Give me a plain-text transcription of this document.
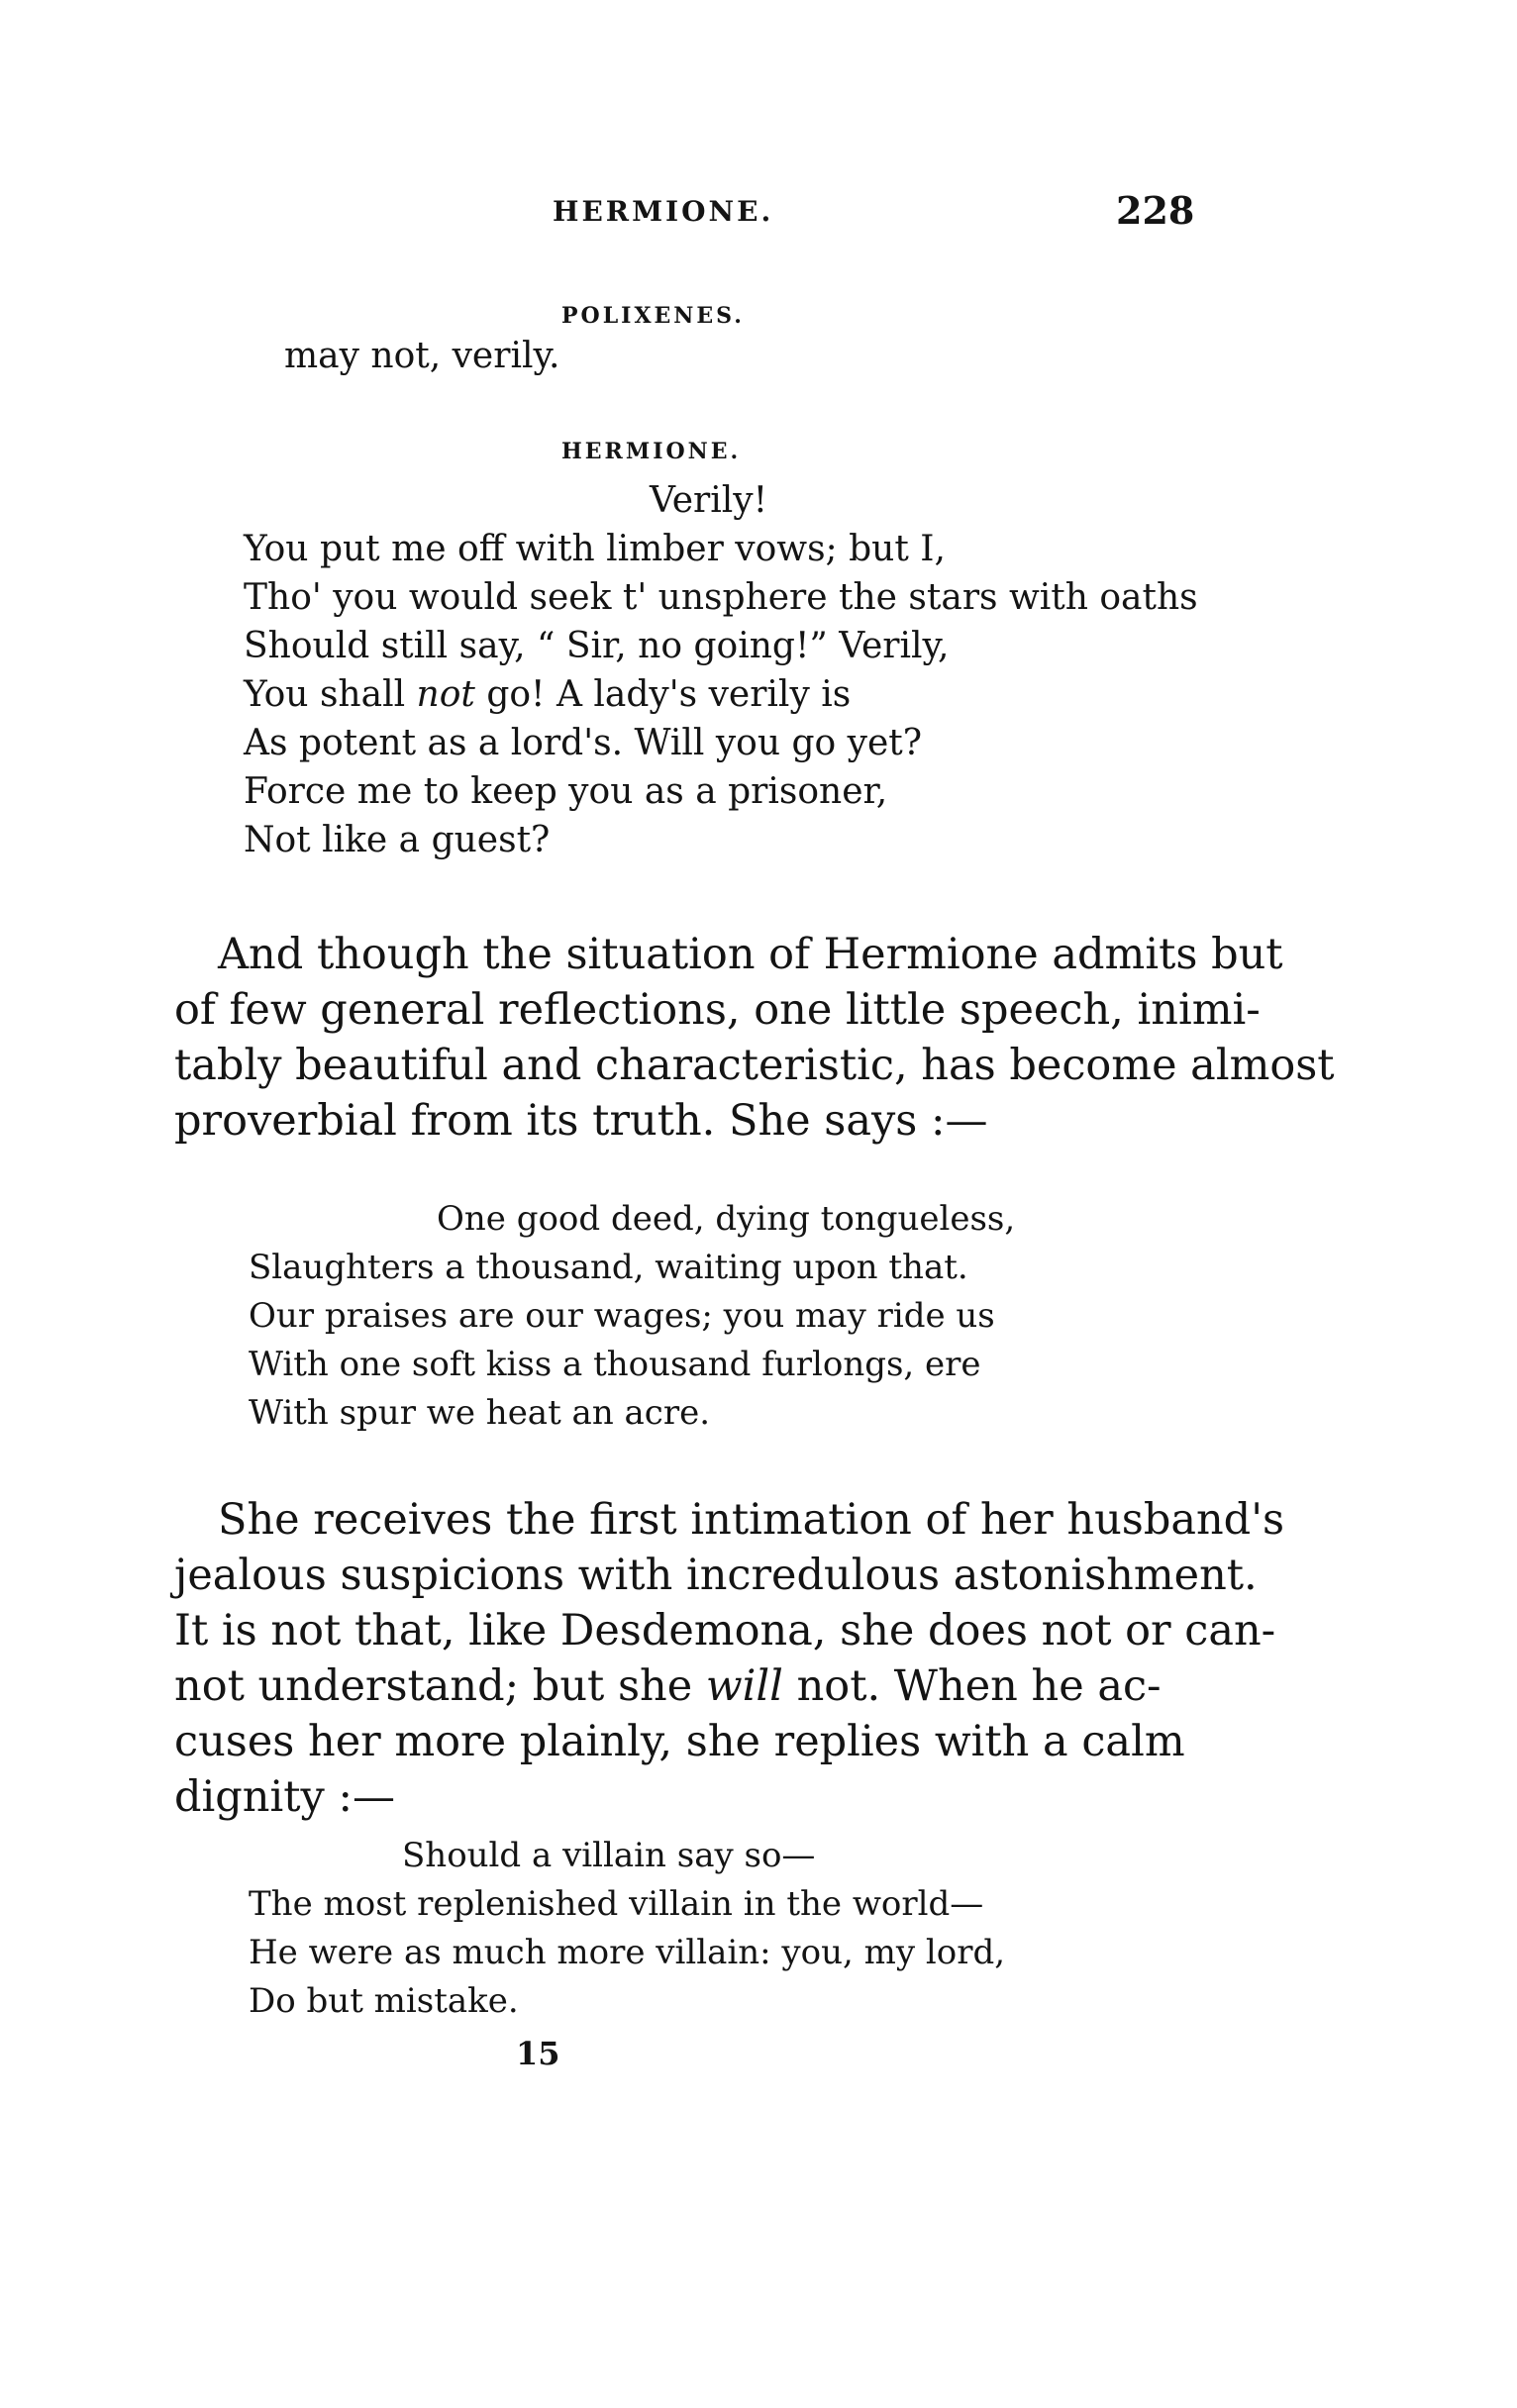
HERMIONE.	228
POLIXENES.
may not, verily.
HERMIONE.
Verily!
You put me off with limber vows; but I,
Tho' you would seek t' unsphere the stars with oaths
Should still say, “ Sir, no going!” Verily,
You shall not go! A lady's verily is
As potent as a lord's. Will you go yet?
Force me to keep you as a prisoner,
Not like a guest?
And though the situation of Hermione admits but
of few general reflections, one little speech, inimi-
tably beautiful and characteristic, has become almost
proverbial from its truth. She says :—
One good deed, dying tongueless,
Slaughters a thousand, waiting upon that.
Our praises are our wages; you may ride us
With one soft kiss a thousand furlongs, ere
With spur we heat an acre.
She receives the first intimation of her husband's
jealous suspicions with incredulous astonishment.
It is not that, like Desdemona, she does not or can-
not understand; but she will not. When he ac-
cuses her more plainly, she replies with a calm
dignity :—
Should a villain say so—
The most replenished villain in the world—
He were as much more villain: you, my lord,
Do but mistake.
15
